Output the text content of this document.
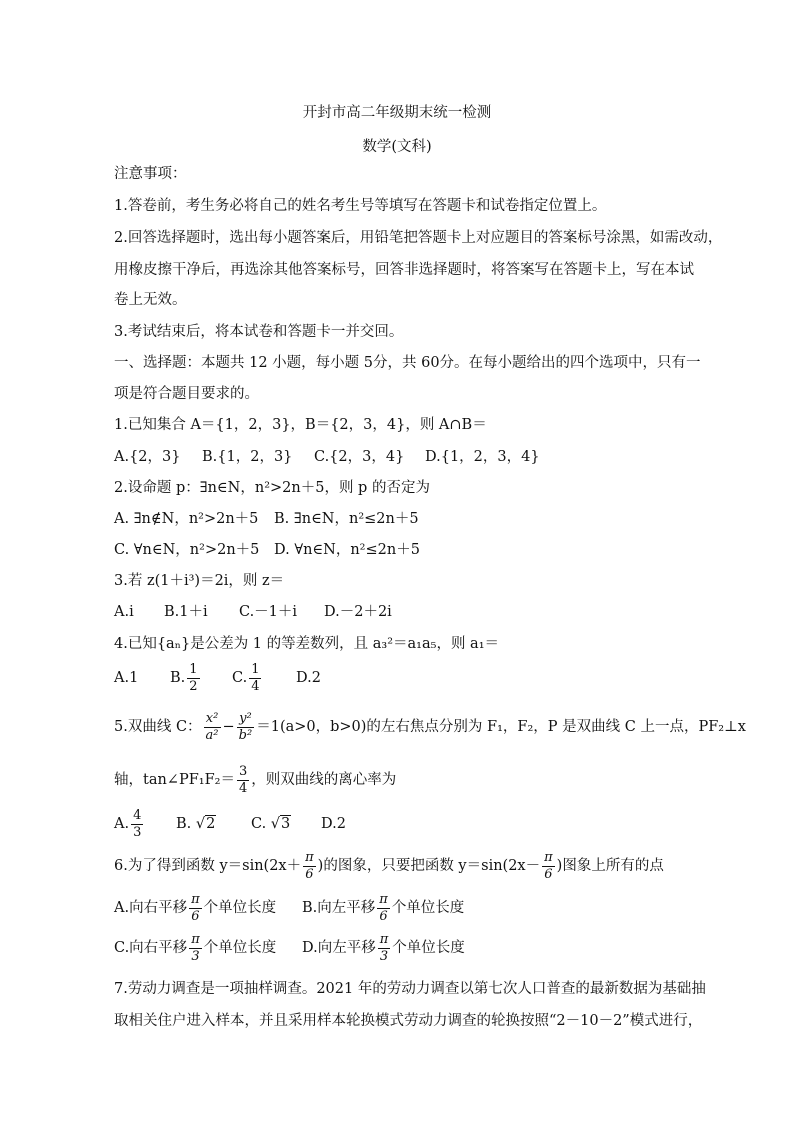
开封市高二年级期末统一检测
数学(文科)
注意事项：
1.答卷前，考生务必将自己的姓名考生号等填写在答题卡和试卷指定位置上。
2.回答选择题时，选出每小题答案后，用铅笔把答题卡上对应题目的答案标号涂黑，如需改动，
用橡皮擦干净后，再选涂其他答案标号，回答非选择题时，将答案写在答题卡上，写在本试
卷上无效。
3.考试结束后，将本试卷和答题卡一并交回。
一、选择题：本题共 12 小题，每小题 5分，共 60分。在每小题给出的四个选项中，只有一
项是符合题目要求的。
1.已知集合 A＝{1，2，3}，B＝{2，3，4}，则 A∩B＝
A.{2，3} B.{1，2，3} C.{2，3，4} D.{1，2，3，4}
2.设命题 p：∃n∈N，n²>2n＋5，则 p 的否定为
A. ∃n∉N，n²>2n＋5 B. ∃n∈N，n²≤2n＋5
C. ∀n∈N，n²>2n＋5 D. ∀n∈N，n²≤2n＋5
3.若 z(1＋i³)＝2i，则 z＝
A.i B.1＋i C.－1＋i D.－2＋2i
4.已知{aₙ}是公差为 1 的等差数列，且 a₃²＝a₁a₅，则 a₁＝
A.1 B. $\frac{1}{2} C$. $\frac{1}{4} D.2$
5.双曲线 C： $\frac{\text{x²}}{\text{a²}} - \frac{\text{y²}}{\text{b²}} =1(a>0$，b>0)的左右焦点分别为 F₁，F₂，P 是双曲线 C 上一点，PF₂⊥x
轴，tan∠PF₁F₂＝ $\frac{3}{4}$ ，则双曲线的离心率为
A. $\frac{4}{3} B$. √2 C. √3 D.2
6.为了得到函数 $y=\sin(2x+ \frac{\pi}{6}$ )的图象，只要把函数 $y=\sin(2x- \frac{\pi}{6}$ )图象上所有的点
A.向右平移 $\frac{\pi}{6}$ 个单位长度 B.向左平移 $\frac{\pi}{6}$ 个单位长度
C.向右平移 $\frac{\pi}{3}$ 个单位长度 D.向左平移 $\frac{\pi}{3}$ 个单位长度
7.劳动力调查是一项抽样调查。2021 年的劳动力调查以第七次人口普查的最新数据为基础抽
取相关住户进入样本，并且采用样本轮换模式劳动力调查的轮换按照“2－10－2”模式进行，
